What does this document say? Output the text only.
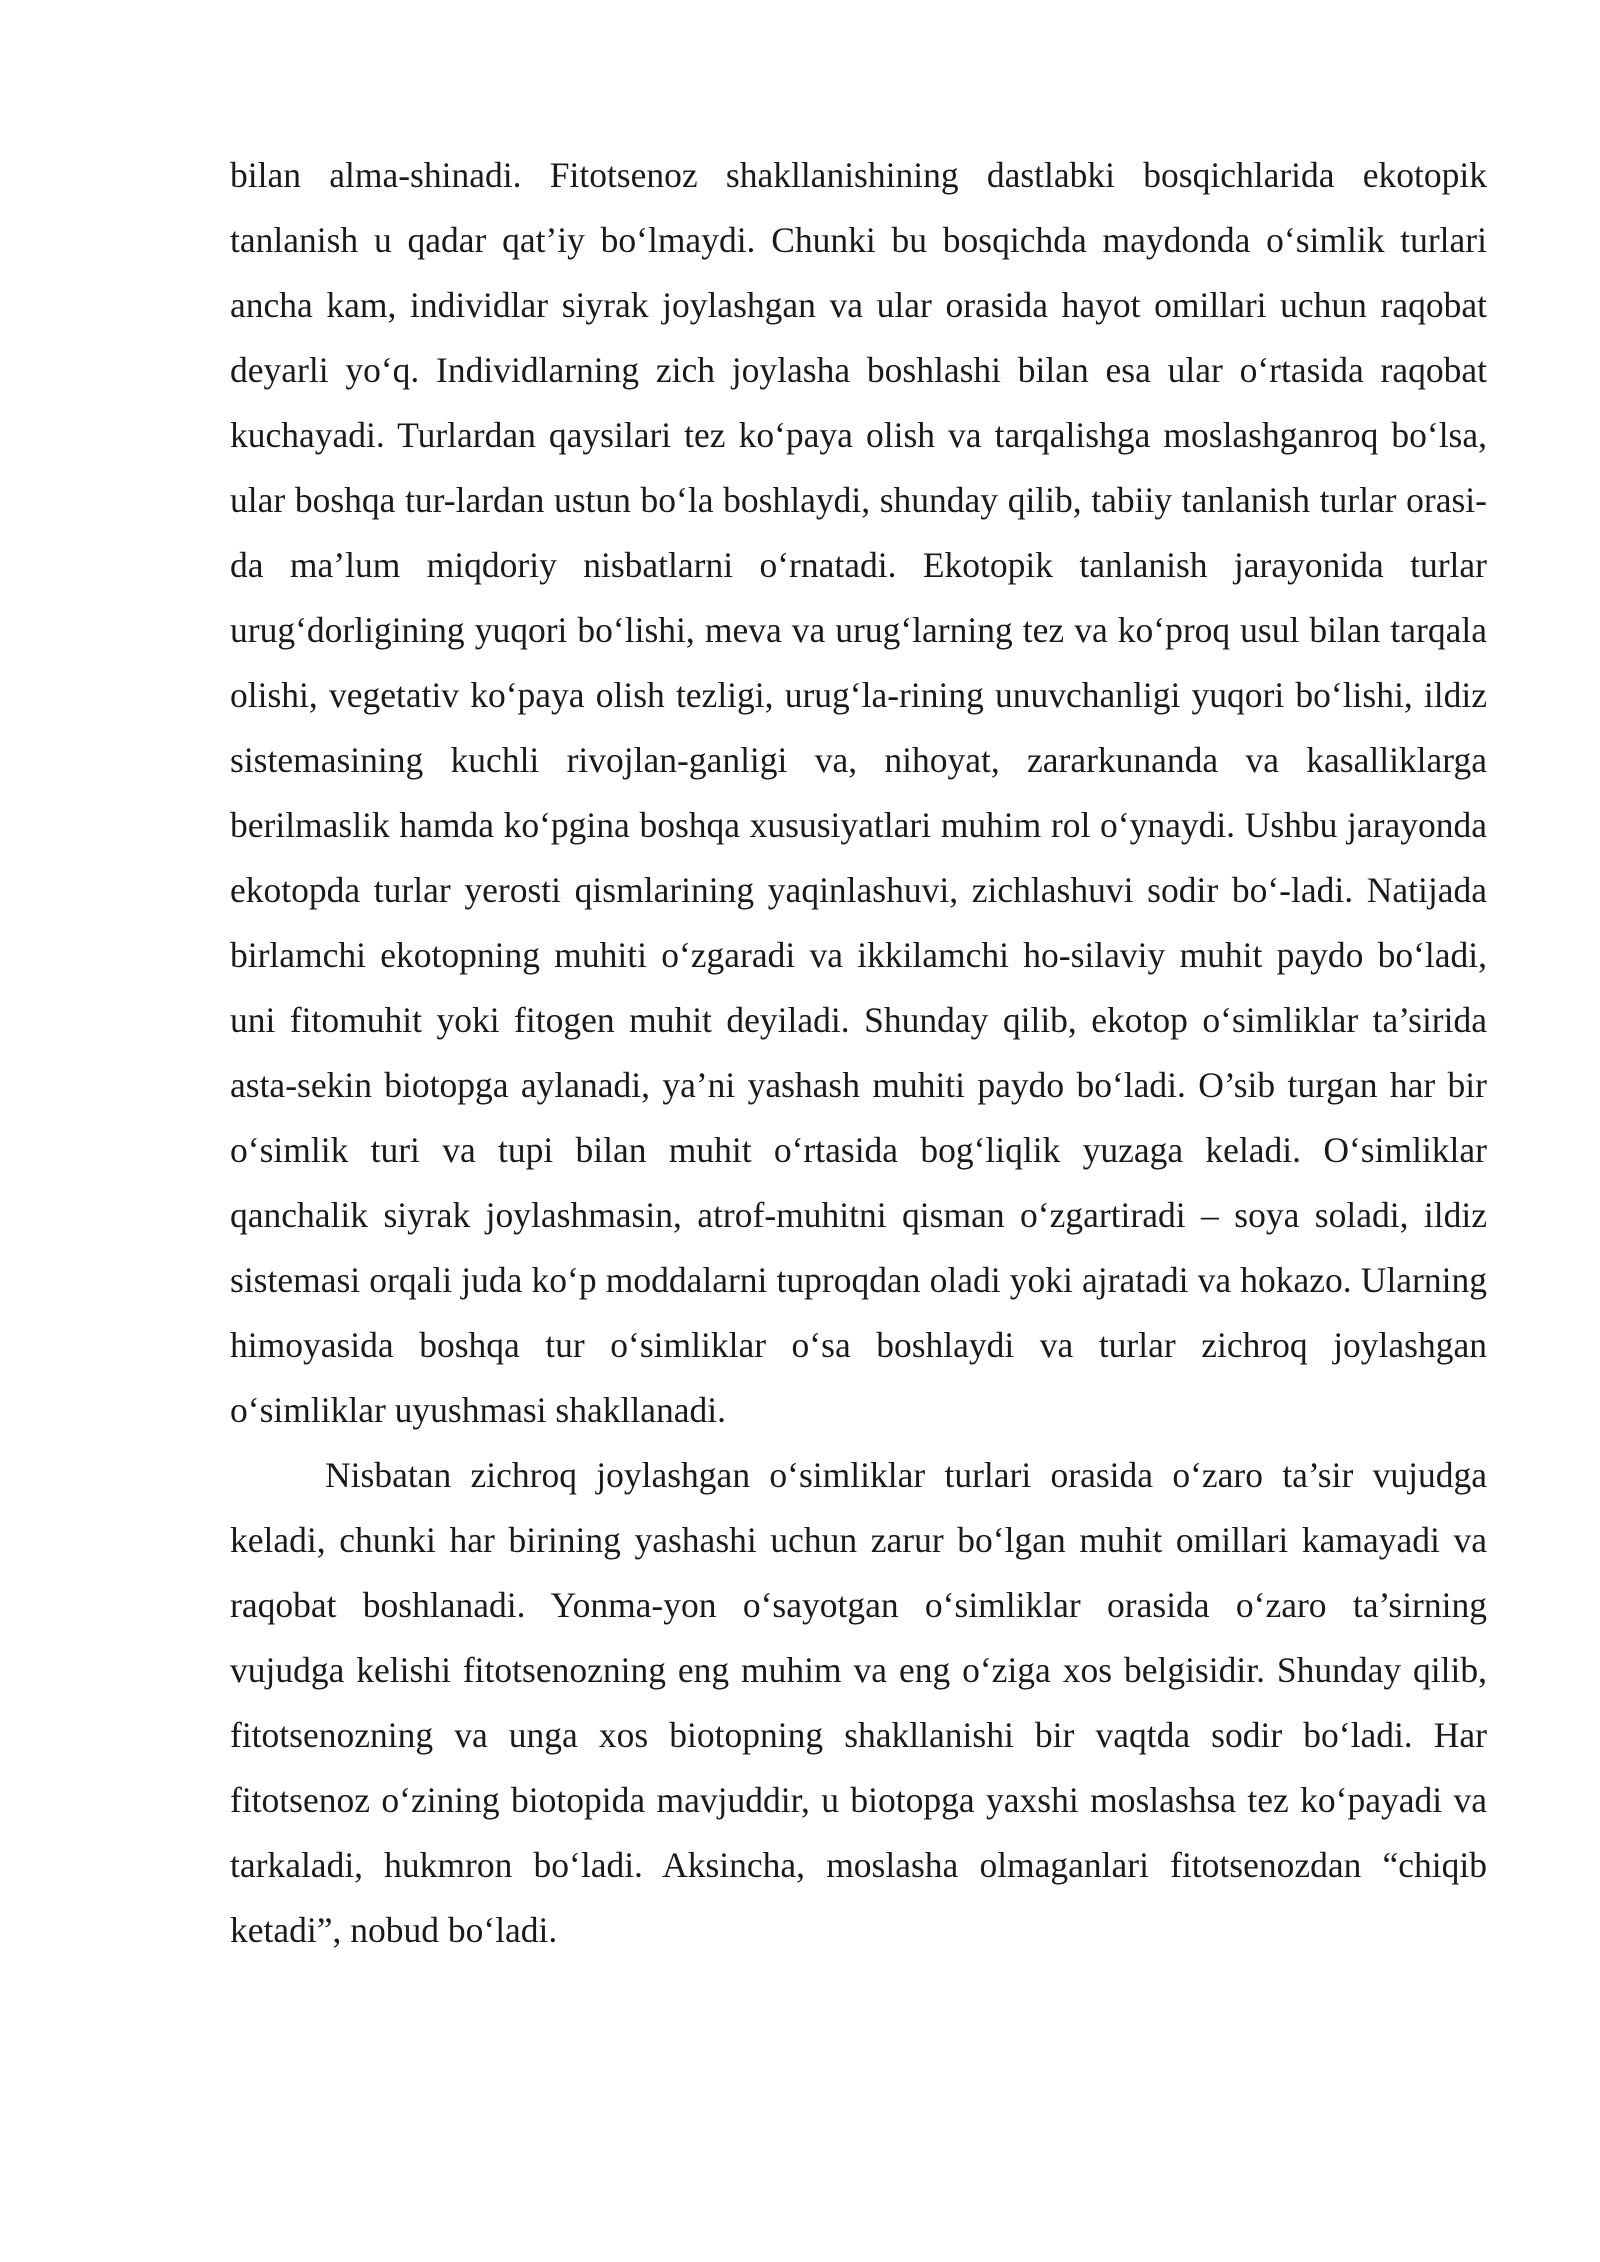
bilan alma-shinadi. Fitotsenoz shakllanishining dastlabki bosqichlarida ekotopik tanlanish u qadar qat’iy bo‘lmaydi. Chunki bu bosqichda maydonda o‘simlik turlari ancha kam, individlar siyrak joylashgan va ular orasida hayot omillari uchun raqobat deyarli yo‘q. Individlarning zich joylasha boshlashi bilan esa ular o‘rtasida raqobat kuchayadi. Turlardan qaysilari tez ko‘paya olish va tarqalishga moslashganroq bo‘lsa, ular boshqa tur-lardan ustun bo‘la boshlaydi, shunday qilib, tabiiy tanlanish turlar orasi-da ma’lum miqdoriy nisbatlarni o‘rnatadi. Ekotopik tanlanish jarayonida turlar urug‘dorligining yuqori bo‘lishi, meva va urug‘larning tez va ko‘proq usul bilan tarqala olishi, vegetativ ko‘paya olish tezligi, urug‘la-rining unuvchanligi yuqori bo‘lishi, ildiz sistemasining kuchli rivojlan-ganligi va, nihoyat, zararkunanda va kasalliklarga berilmaslik hamda ko‘pgina boshqa xususiyatlari muhim rol o‘ynaydi. Ushbu jarayonda ekotopda turlar yerosti qismlarining yaqinlashuvi, zichlashuvi sodir bo‘-ladi. Natijada birlamchi ekotopning muhiti o‘zgaradi va ikkilamchi ho-silaviy muhit paydo bo‘ladi, uni fitomuhit yoki fitogen muhit deyiladi. Shunday qilib, ekotop o‘simliklar ta’sirida asta-sekin biotopga aylanadi, ya’ni yashash muhiti paydo bo‘ladi. O’sib turgan har bir o‘simlik turi va tupi bilan muhit o‘rtasida bog‘liqlik yuzaga keladi. O‘simliklar qanchalik siyrak joylashmasin, atrof-muhitni qisman o‘zgartiradi – soya soladi, ildiz sistemasi orqali juda ko‘p moddalarni tuproqdan oladi yoki ajratadi va hokazo. Ularning himoyasida boshqa tur o‘simliklar o‘sa boshlaydi va turlar zichroq joylashgan o‘simliklar uyushmasi shakllanadi.

Nisbatan zichroq joylashgan o‘simliklar turlari orasida o‘zaro ta’sir vujudga keladi, chunki har birining yashashi uchun zarur bo‘lgan muhit omillari kamayadi va raqobat boshlanadi. Yonma-yon o‘sayotgan o‘simliklar orasida o‘zaro ta’sirning vujudga kelishi fitotsenozning eng muhim va eng o‘ziga xos belgisidir. Shunday qilib, fitotsenozning va unga xos biotopning shakllanishi bir vaqtda sodir bo‘ladi. Har fitotsenoz o‘zining biotopida mavjuddir, u biotopga yaxshi moslashsa tez ko‘payadi va tarkaladi, hukmron bo‘ladi. Aksincha, moslasha olmaganlari fitotsenozdan “chiqib ketadi”, nobud bo‘ladi.
